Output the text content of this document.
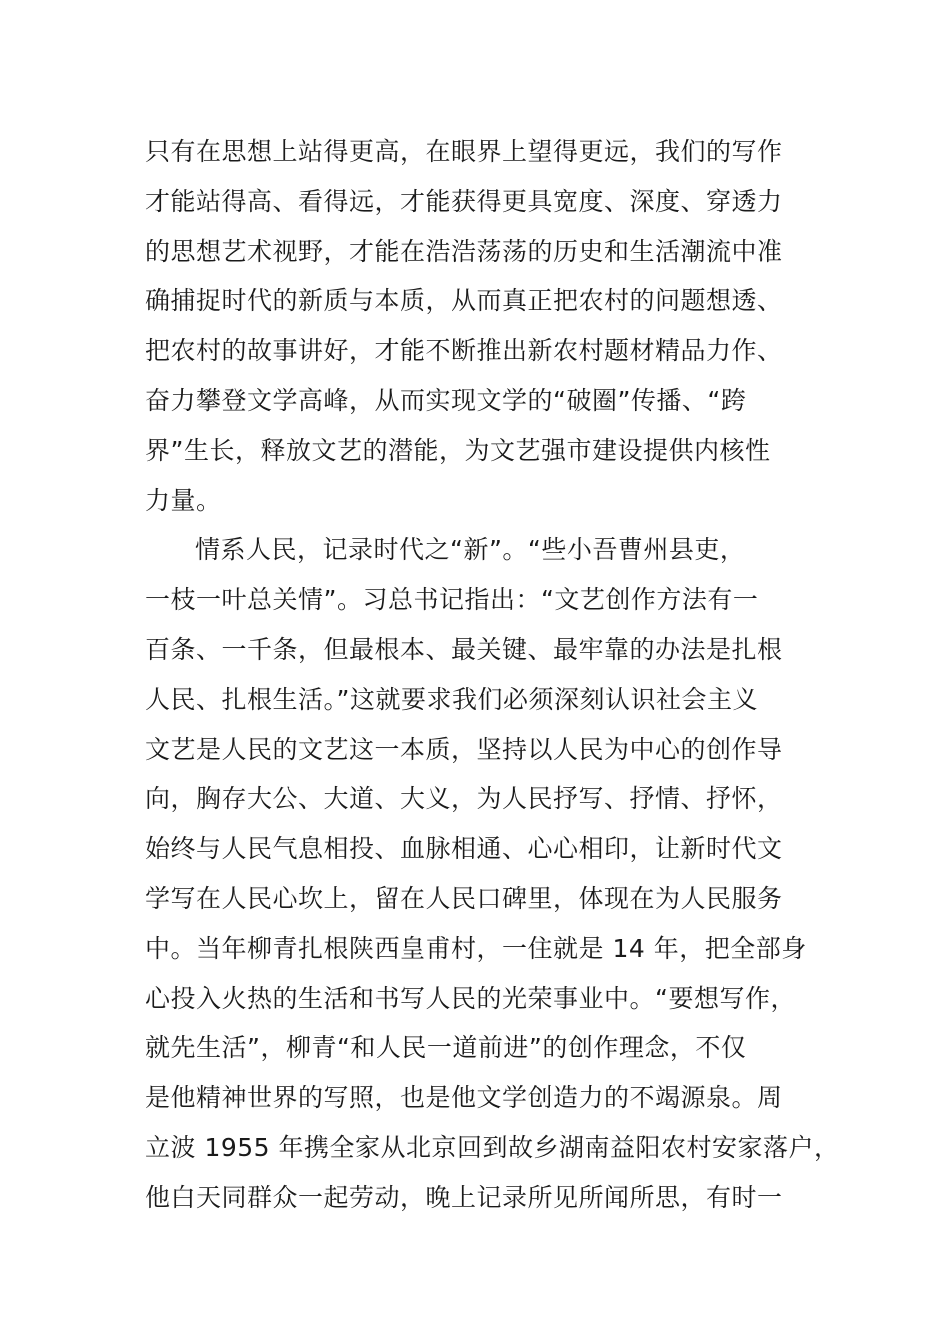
只有在思想上站得更高，在眼界上望得更远，我们的写作
才能站得高、看得远，才能获得更具宽度、深度、穿透力
的思想艺术视野，才能在浩浩荡荡的历史和生活潮流中准
确捕捉时代的新质与本质，从而真正把农村的问题想透、
把农村的故事讲好，才能不断推出新农村题材精品力作、
奋力攀登文学高峰，从而实现文学的“破圈”传播、“跨
界”生长，释放文艺的潜能，为文艺强市建设提供内核性
力量。
情系人民，记录时代之“新”。“些小吾曹州县吏，
一枝一叶总关情”。习总书记指出：“文艺创作方法有一
百条、一千条，但最根本、最关键、最牢靠的办法是扎根
人民、扎根生活。”这就要求我们必须深刻认识社会主义
文艺是人民的文艺这一本质，坚持以人民为中心的创作导
向，胸存大公、大道、大义，为人民抒写、抒情、抒怀，
始终与人民气息相投、血脉相通、心心相印，让新时代文
学写在人民心坎上，留在人民口碑里，体现在为人民服务
中。当年柳青扎根陕西皇甫村，一住就是 14 年，把全部身
心投入火热的生活和书写人民的光荣事业中。“要想写作，
就先生活”，柳青“和人民一道前进”的创作理念，不仅
是他精神世界的写照，也是他文学创造力的不竭源泉。周
立波 1955 年携全家从北京回到故乡湖南益阳农村安家落户，
他白天同群众一起劳动，晚上记录所见所闻所思，有时一
